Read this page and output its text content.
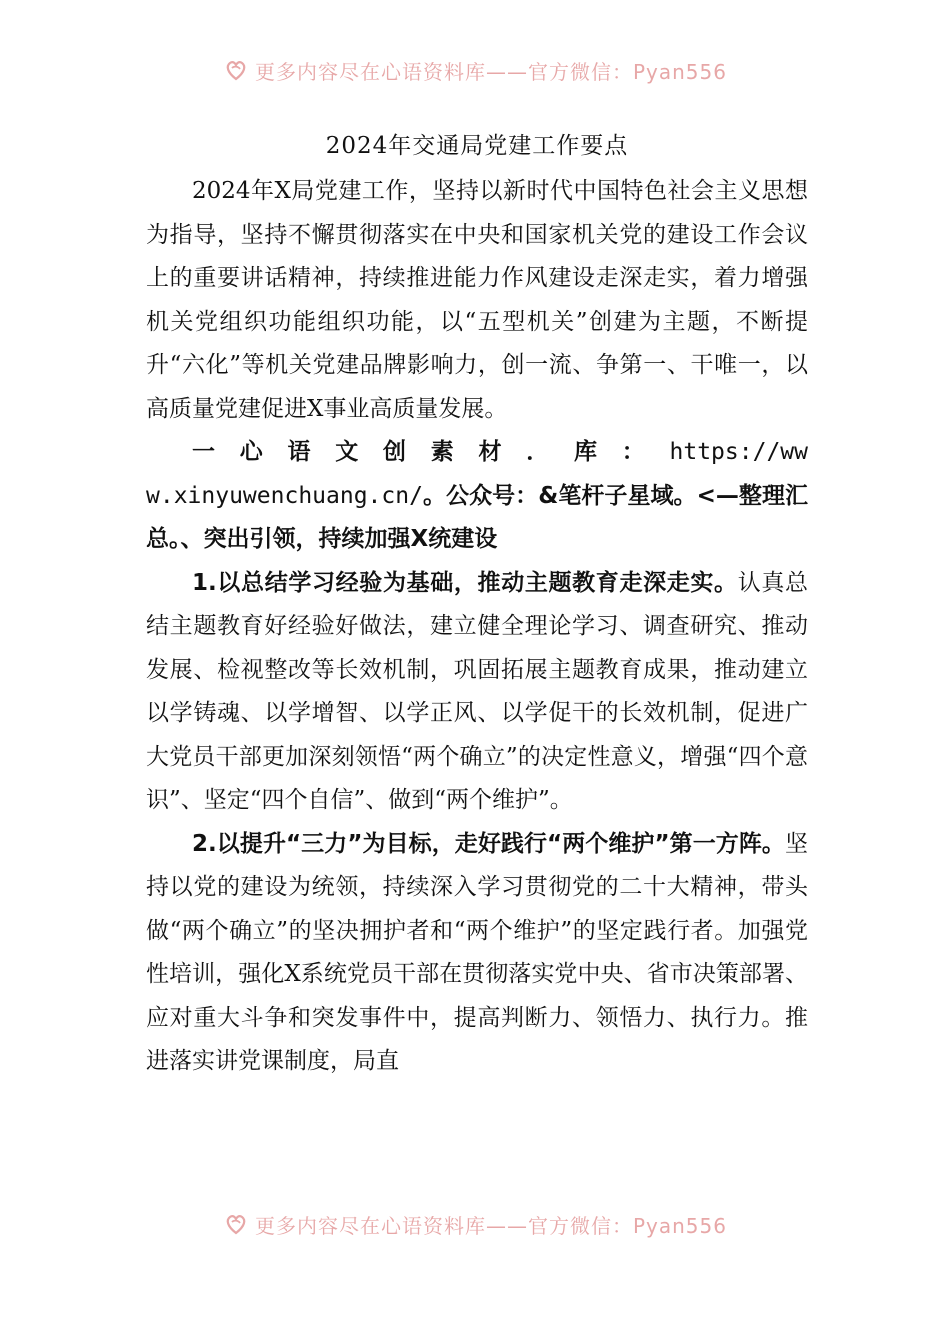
更多内容尽在心语资料库——官方微信：Pyan556
2024年交通局党建工作要点

2024年X局党建工作，坚持以新时代中国特色社会主义思想为指导，坚持不懈贯彻落实在中央和国家机关党的建设工作会议上的重要讲话精神，持续推进能力作风建设走深走实，着力增强机关党组织功能组织功能，以“五型机关”创建为主题，不断提升“六化”等机关党建品牌影响力，创一流、争第一、干唯一，以高质量党建促进X事业高质量发展。

一心语文创素材．库：https://www.xinyuwenchuang.cn/。公众号：&笔杆子星域。<—整理汇总。、突出引领，持续加强X统建设

1.以总结学习经验为基础，推动主题教育走深走实。认真总结主题教育好经验好做法，建立健全理论学习、调查研究、推动发展、检视整改等长效机制，巩固拓展主题教育成果，推动建立以学铸魂、以学增智、以学正风、以学促干的长效机制，促进广大党员干部更加深刻领悟“两个确立”的决定性意义，增强“四个意识”、坚定“四个自信”、做到“两个维护”。

2.以提升“三力”为目标，走好践行“两个维护”第一方阵。坚持以党的建设为统领，持续深入学习贯彻党的二十大精神，带头做“两个确立”的坚决拥护者和“两个维护”的坚定践行者。加强党性培训，强化X系统党员干部在贯彻落实党中央、省市决策部署、应对重大斗争和突发事件中，提高判断力、领悟力、执行力。推进落实讲党课制度，局直

更多内容尽在心语资料库——官方微信：Pyan556
